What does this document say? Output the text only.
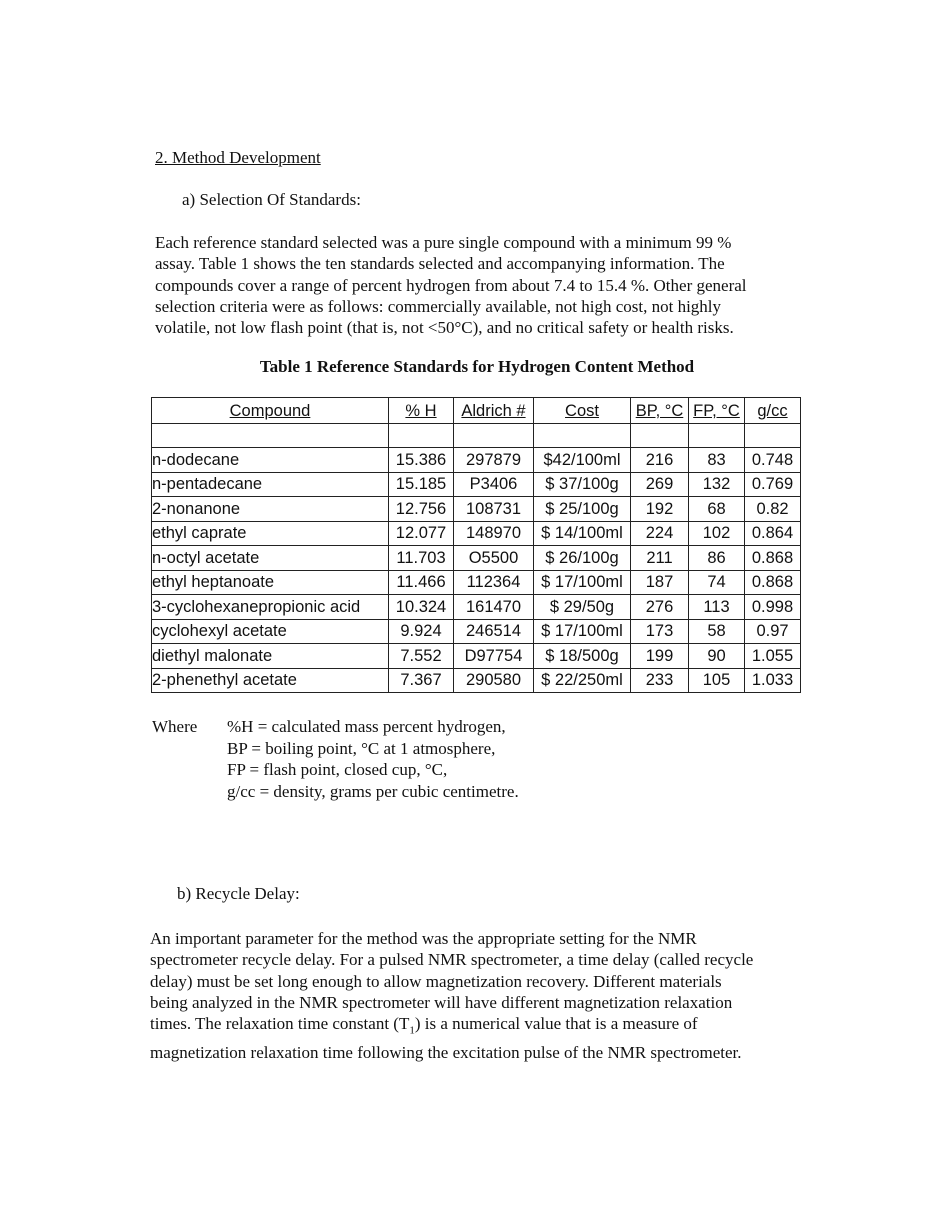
2. Method Development
a) Selection Of Standards:
Each reference standard selected was a pure single compound with a minimum 99 %
assay. Table 1 shows the ten standards selected and accompanying information. The
compounds cover a range of percent hydrogen from about 7.4 to 15.4 %. Other general
selection criteria were as follows: commercially available, not high cost, not highly
volatile, not low flash point (that is, not <50°C), and no critical safety or health risks.
Table 1 Reference Standards for Hydrogen Content Method
Compound	% H	Aldrich #	Cost	BP, °C	FP, °C	g/cc

n-dodecane	15.386	297879	$42/100ml	216	83	0.748
n-pentadecane	15.185	P3406	$ 37/100g	269	132	0.769
2-nonanone	12.756	108731	$ 25/100g	192	68	0.82
ethyl caprate	12.077	148970	$ 14/100ml	224	102	0.864
n-octyl acetate	11.703	O5500	$ 26/100g	211	86	0.868
ethyl heptanoate	11.466	112364	$ 17/100ml	187	74	0.868
3-cyclohexanepropionic acid	10.324	161470	$ 29/50g	276	113	0.998
cyclohexyl acetate	9.924	246514	$ 17/100ml	173	58	0.97
diethyl malonate	7.552	D97754	$ 18/500g	199	90	1.055
2-phenethyl acetate	7.367	290580	$ 22/250ml	233	105	1.033
Where %H = calculated mass percent hydrogen,
BP = boiling point, °C at 1 atmosphere,
FP = flash point, closed cup, °C,
g/cc = density, grams per cubic centimetre.
b) Recycle Delay:
An important parameter for the method was the appropriate setting for the NMR
spectrometer recycle delay. For a pulsed NMR spectrometer, a time delay (called recycle
delay) must be set long enough to allow magnetization recovery. Different materials
being analyzed in the NMR spectrometer will have different magnetization relaxation
times. The relaxation time constant $(T_1)$ is a numerical value that is a measure of
magnetization relaxation time following the excitation pulse of the NMR spectrometer.
